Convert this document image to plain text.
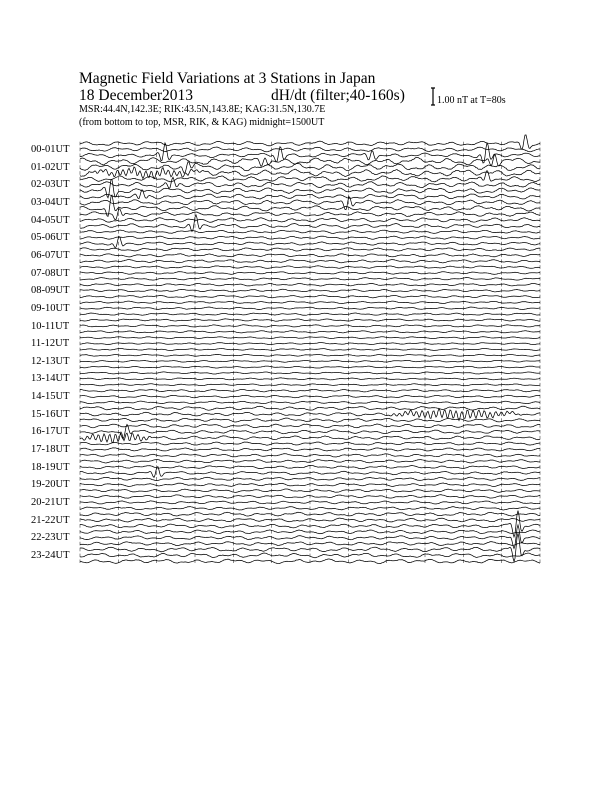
Magnetic Field Variations at 3 Stations in Japan
18 December2013	dH/dt (filter;40-160s)
MSR:44.4N,142.3E; RIK:43.5N,143.8E; KAG:31.5N,130.7E
(from bottom to top, MSR, RIK, & KAG) midnight=1500UT
1.00 nT at T=80s
00-01UT
01-02UT
02-03UT
03-04UT
04-05UT
05-06UT
06-07UT
07-08UT
08-09UT
09-10UT
10-11UT
11-12UT
12-13UT
13-14UT
14-15UT
15-16UT
16-17UT
17-18UT
18-19UT
19-20UT
20-21UT
21-22UT
22-23UT
23-24UT
